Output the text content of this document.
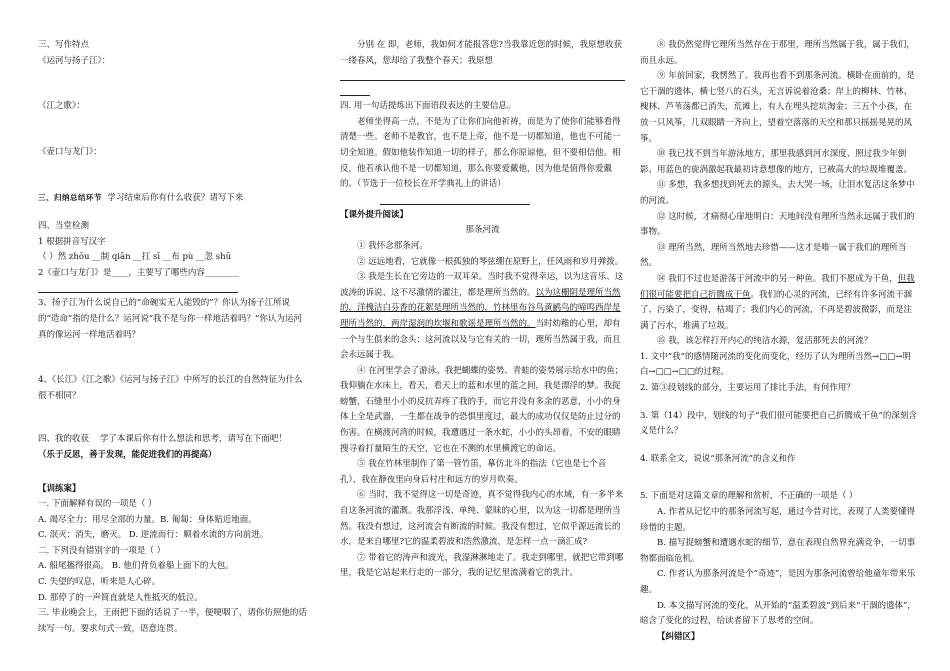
三、写作特点

《运河与扬子江》：

《江之歌》：

《壶口与龙门》：

三、归纳总结环节 学习结束后你有什么收获？请写下来

四、当堂检测

1 根据拼音写汉字

（ ）然 zhōu __制 qiān __扛 sī __布 pù __忽 shū

2《壶口与龙门》是____，主要写了哪些内容________

3、扬子江为什么说自己的“命碗实无人能毁的”？你认为扬子江所说的“造命”指的是什么？运河说“我不是与你一样地活着吗？”你认为运河真的像运河一样地活着吗？

4、《长江》《江之歌》《运河与扬子江》中所写的长江的自然特征为什么很不相同？

四、我的收获 学了本课后你有什么想法和思考，请写在下面吧！

（乐于反思，善于发现，能促进我们的再提高）

【训练案】

一. 下面解释有误的一项是（ ）

A. 竭尽全力：用尽全部的力量。B. 匍匐：身体贴近地面。

C. 泯灭：消失，磨灭。 D. 逆流而行：顺着水流的方向前进。

二. 下列没有错别字的一项是（ ）

A. 船尾搐得很高。 B. 他们背负着船上面下的大包。

C. 失望的叹息，听来是人心碎。

D. 那停了的一声简直就是人性抵灭的低泣。

三. 毕业晚会上，王雨把下面的话说了一半，便哽咽了，请你仿照他的话续写一句。要求句式一致，语意连贯。

分别 在 即，老师，我如何才能报答您?当我靠近您的时候，我原想收获一缕春风，您却给了我整个春天；我原想

四. 用一句话提炼出下面语段表达的主要信息。

老师坐得高一点，不是为了让你们向他祈祷，而是为了使你们能够看得清楚一些。老师不是教官，也不是上帝，他不是一切都知道，他也不可能一切全知道。假如他装作知道一切的样子，那么你原谅他，但不要相信他。相反，他若承认他不是一切都知道，那么你要爱戴他，因为他是值得你爱戴的。（节选于一位校长在开学典礼上的讲话）

【课外提升阅读】

那条河流

① 我怀念那条河。

② 远远地看，它就像一根孤独的琴弦绷在原野上，任风雨和岁月弹拨。

③ 我是生长在它旁边的一双耳朵。当时我不觉得幸运，以为这音乐、这波涛的诉说、这不尽激情的灌注，都是理所当然的。以为这栅阴是理所当然的，洋槐洁白芬香的花絮是理所当然的，竹林里布谷鸟黄鹂鸟的啼鸣西岸是理所当然的，两岸湿润的坎堰和歌谣是理所当然的。当时幼稚的心里，却有一个与生俱来的念头：这河流以及与它有关的一切，理所当然属于我，而且会永远属于我。

④ 在河里学会了游泳。我把蝴蝶的姿势、青蛙的姿势展示给水中的鱼；我仰躺在水床上，看天，看天上的蓝和水里的蓝之间，我是漂浮的梦。我捉螃蟹，石缝里小小的反抗弄疼了我的手，而它并没有多余的恶意，小小的身体上全是武器，一生都在战争的恐惧里度过，最大的成功仅仅是防止过分的伤害。在横渡河湾的时候，我遭遇过一条水蛇，小小的头昂着，不安的眼睛搜寻着打量陌生的天空，它也在不测的水里横渡它的命运。

⑤ 我在竹林里制作了第一管竹笛，摹仿北斗的指法（它也是七个音孔），我在静夜里向身后村庄和远方的岁月吹奏。

⑥ 当时，我不觉得这一切是奇迹，真不觉得我内心的水域，有一多半来自这条河流的灌溉。我那浮浅、单纯、蒙昧的心里，以为这一切都是理所当然。我没有想过，这河流会有断流的时候。我没有想过，它似乎源远流长的水，是来自哪里?它的温柔碧波和浩然激流，是怎样一点一滴汇成?

⑦ 带着它的涛声和波光，我湿淋淋地走了。我走到哪里，就把它带到哪里，我是它站起来行走的一部分，我的记忆里流满着它的乳汁。

⑧ 我仍然觉得它理所当然存在于那里，理所当然属于我，属于我们，而且永远。

⑨ 年前回家，我愣然了。我再也看不到那条河流。横卧在面前的，是它干涸的遗体，横七竖八的石头，无言诉说着沧桑；岸上的柳林、竹林、槐林、芦苇荡都已消失，荒滩上，有人在埋头挖坑淘金；三五个小孩，在放一只风筝，几双眼睛一齐向上，望着空落落的天空和那只摇摇晃晃的风筝。

⑩ 我已找不到当年游泳地方，那里我感到河水深度、照过我少年倒影、用蓝色的旋涡激起我最初诗意想像的地方，已被高大的垃圾堆覆盖。

⑪ 多想，我多想找到死去的源头，去大哭一场，让泪水复活这条梦中的河流。

⑫ 这时候，才痛彻心扉地明白：天地间没有理所当然永远属于我们的事物。

⑬ 理所当然，理所当然地去珍惜——这才是唯一属于我们的理所当然。

⑭ 我们不过也是游荡于河流中的另一种鱼。我们不愿成为干鱼，但我们很可能要把自己折腾成干鱼。我们的心灵的河流，已经有许多河流干涸了、污染了，变得，枯竭了；我们内心的河流，不再是碧波微影，而是注满了污水，堆满了垃圾。

⑮ 我，该怎样打开内心的纯洁水源，复活那死去的河流？

1. 文中“我”的感情随河流的变化而变化，经历了认为理所当然→□□→明 白→□□→□□的过程。

2. 第③段划线的部分，主要运用了排比手法，有何作用？

3. 第（14）段中，划线的句子“我们很可能要把自己折腾成干鱼”的深刻含义是什么？

4. 联系全文，说说“那条河流”的含义和作

5. 下面是对这篇文章的理解和赏析，不正确的一项是（ ）

A. 作者从记忆中的那条河流写起，通过今昔对比，表现了人类要懂得珍惜的主题。

B. 描写捉螃蟹和遭遇水蛇的细节，意在表现自然界充满竞争，一切事物都面临危机。

C. 作者认为那条河流是个“奇迹”，是因为那条河流曾给他童年带来乐趣。

D. 本文描写河流的变化，从开始的“温柔碧波”到后来“干涸的遗体”，暗含了变化的过程，给读者留下了思考的空间。

【纠错区】
